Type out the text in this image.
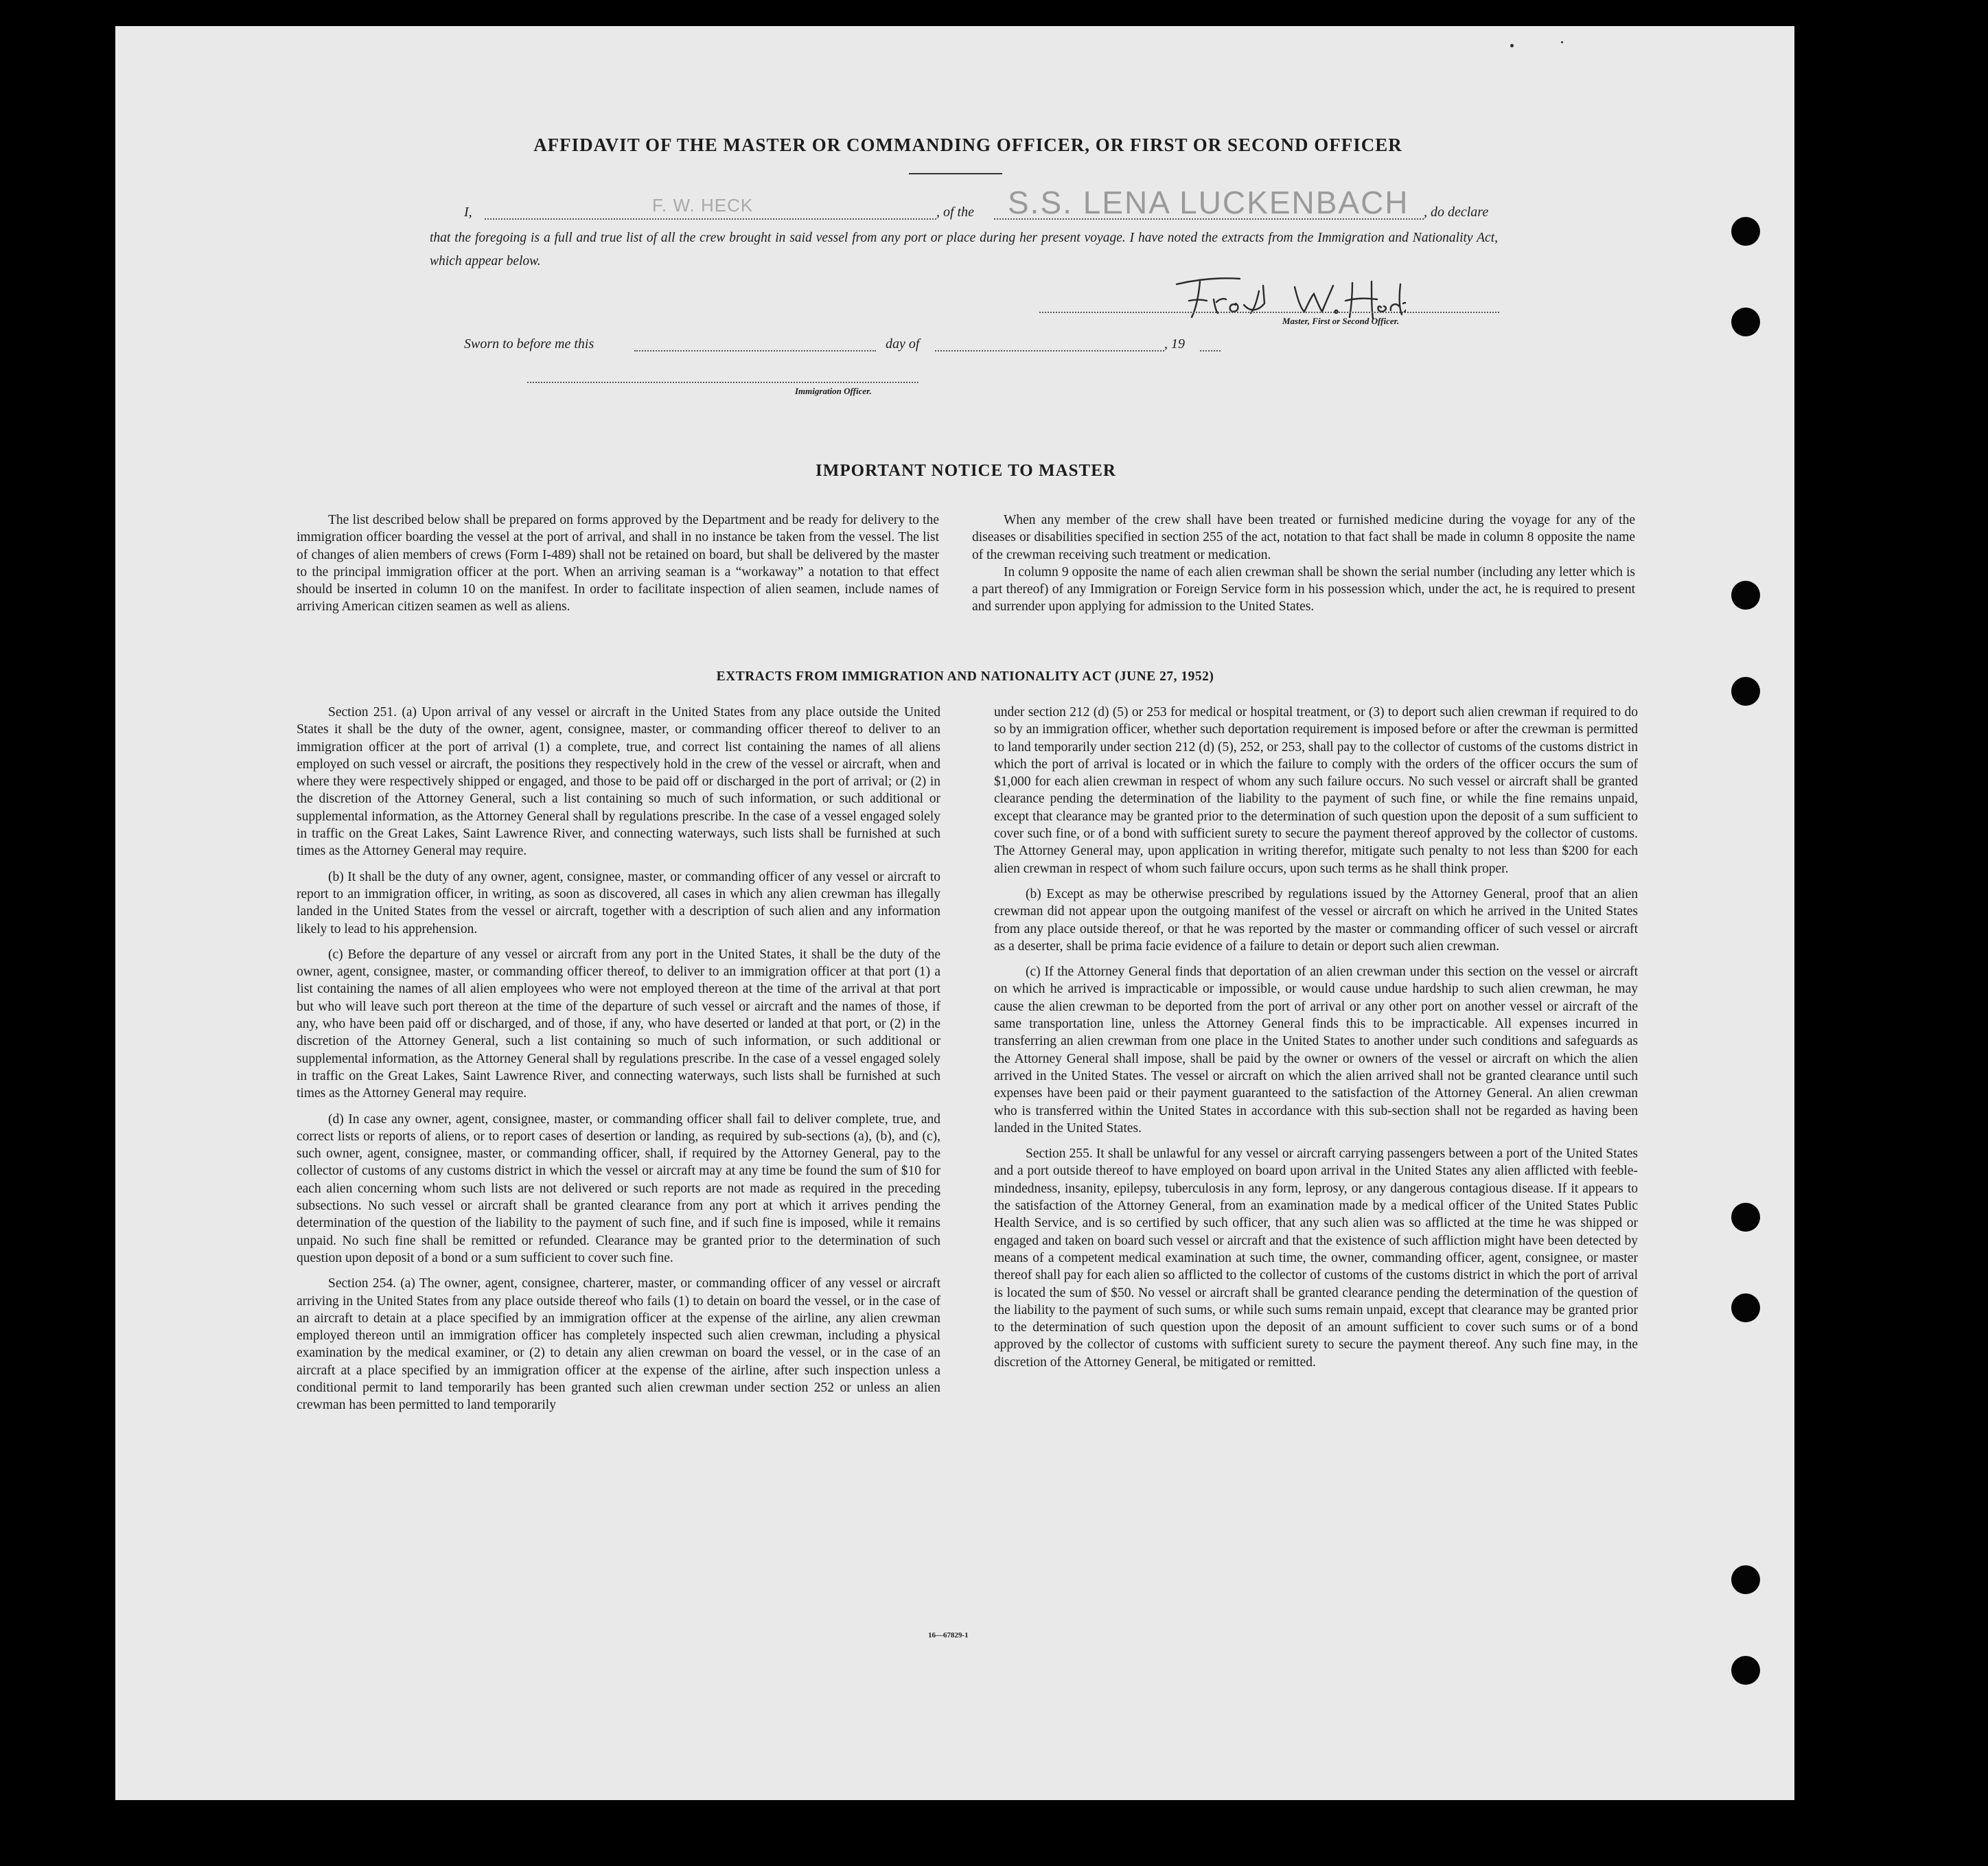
AFFIDAVIT OF THE MASTER OR COMMANDING OFFICER, OR FIRST OR SECOND OFFICER
I,	F. W. HECK	, of the S.S. LENA LUCKENBACH , do declare
that the foregoing is a full and true list of all the crew brought in said vessel from any port or place during her present voyage. I have noted the extracts from the Immigration and Nationality Act, which appear below.
Master, First or Second Officer.
Sworn to before me this	day of	, 19
Immigration Officer.
IMPORTANT NOTICE TO MASTER

The list described below shall be prepared on forms approved by the Department and be ready for delivery to the immigration officer boarding the vessel at the port of arrival, and shall in no instance be taken from the vessel. The list of changes of alien members of crews (Form I-489) shall not be retained on board, but shall be delivered by the master to the principal immigration officer at the port. When an arriving seaman is a “workaway” a notation to that effect should be inserted in column 10 on the manifest. In order to facilitate inspection of alien seamen, include names of arriving American citizen seamen as well as aliens.

When any member of the crew shall have been treated or furnished medicine during the voyage for any of the diseases or disabilities specified in section 255 of the act, notation to that fact shall be made in column 8 opposite the name of the crewman receiving such treatment or medication.

In column 9 opposite the name of each alien crewman shall be shown the serial number (including any letter which is a part thereof) of any Immigration or Foreign Service form in his possession which, under the act, he is required to present and surrender upon applying for admission to the United States.

EXTRACTS FROM IMMIGRATION AND NATIONALITY ACT (JUNE 27, 1952)

Section 251. (a) Upon arrival of any vessel or aircraft in the United States from any place outside the United States it shall be the duty of the owner, agent, consignee, master, or commanding officer thereof to deliver to an immigration officer at the port of arrival (1) a complete, true, and correct list containing the names of all aliens employed on such vessel or aircraft, the positions they respectively hold in the crew of the vessel or aircraft, when and where they were respectively shipped or engaged, and those to be paid off or discharged in the port of arrival; or (2) in the discretion of the Attorney General, such a list containing so much of such information, or such additional or supplemental information, as the Attorney General shall by regulations prescribe. In the case of a vessel engaged solely in traffic on the Great Lakes, Saint Lawrence River, and connecting waterways, such lists shall be furnished at such times as the Attorney General may require.

(b) It shall be the duty of any owner, agent, consignee, master, or commanding officer of any vessel or aircraft to report to an immigration officer, in writing, as soon as discovered, all cases in which any alien crewman has illegally landed in the United States from the vessel or aircraft, together with a description of such alien and any information likely to lead to his apprehension.

(c) Before the departure of any vessel or aircraft from any port in the United States, it shall be the duty of the owner, agent, consignee, master, or commanding officer thereof, to deliver to an immigration officer at that port (1) a list containing the names of all alien employees who were not employed thereon at the time of the arrival at that port but who will leave such port thereon at the time of the departure of such vessel or aircraft and the names of those, if any, who have been paid off or discharged, and of those, if any, who have deserted or landed at that port, or (2) in the discretion of the Attorney General, such a list containing so much of such information, or such additional or supplemental information, as the Attorney General shall by regulations prescribe. In the case of a vessel engaged solely in traffic on the Great Lakes, Saint Lawrence River, and connecting waterways, such lists shall be furnished at such times as the Attorney General may require.

(d) In case any owner, agent, consignee, master, or commanding officer shall fail to deliver complete, true, and correct lists or reports of aliens, or to report cases of desertion or landing, as required by sub-sections (a), (b), and (c), such owner, agent, consignee, master, or commanding officer, shall, if required by the Attorney General, pay to the collector of customs of any customs district in which the vessel or aircraft may at any time be found the sum of $10 for each alien concerning whom such lists are not delivered or such reports are not made as required in the preceding subsections. No such vessel or aircraft shall be granted clearance from any port at which it arrives pending the determination of the question of the liability to the payment of such fine, and if such fine is imposed, while it remains unpaid. No such fine shall be remitted or refunded. Clearance may be granted prior to the determination of such question upon deposit of a bond or a sum sufficient to cover such fine.

Section 254. (a) The owner, agent, consignee, charterer, master, or commanding officer of any vessel or aircraft arriving in the United States from any place outside thereof who fails (1) to detain on board the vessel, or in the case of an aircraft to detain at a place specified by an immigration officer at the expense of the airline, any alien crewman employed thereon until an immigration officer has completely inspected such alien crewman, including a physical examination by the medical examiner, or (2) to detain any alien crewman on board the vessel, or in the case of an aircraft at a place specified by an immigration officer at the expense of the airline, after such inspection unless a conditional permit to land temporarily has been granted such alien crewman under section 252 or unless an alien crewman has been permitted to land temporarily

under section 212 (d) (5) or 253 for medical or hospital treatment, or (3) to deport such alien crewman if required to do so by an immigration officer, whether such deportation requirement is imposed before or after the crewman is permitted to land temporarily under section 212 (d) (5), 252, or 253, shall pay to the collector of customs of the customs district in which the port of arrival is located or in which the failure to comply with the orders of the officer occurs the sum of $1,000 for each alien crewman in respect of whom any such failure occurs. No such vessel or aircraft shall be granted clearance pending the determination of the liability to the payment of such fine, or while the fine remains unpaid, except that clearance may be granted prior to the determination of such question upon the deposit of a sum sufficient to cover such fine, or of a bond with sufficient surety to secure the payment thereof approved by the collector of customs. The Attorney General may, upon application in writing therefor, mitigate such penalty to not less than $200 for each alien crewman in respect of whom such failure occurs, upon such terms as he shall think proper.

(b) Except as may be otherwise prescribed by regulations issued by the Attorney General, proof that an alien crewman did not appear upon the outgoing manifest of the vessel or aircraft on which he arrived in the United States from any place outside thereof, or that he was reported by the master or commanding officer of such vessel or aircraft as a deserter, shall be prima facie evidence of a failure to detain or deport such alien crewman.

(c) If the Attorney General finds that deportation of an alien crewman under this section on the vessel or aircraft on which he arrived is impracticable or impossible, or would cause undue hardship to such alien crewman, he may cause the alien crewman to be deported from the port of arrival or any other port on another vessel or aircraft of the same transportation line, unless the Attorney General finds this to be impracticable. All expenses incurred in transferring an alien crewman from one place in the United States to another under such conditions and safeguards as the Attorney General shall impose, shall be paid by the owner or owners of the vessel or aircraft on which the alien arrived in the United States. The vessel or aircraft on which the alien arrived shall not be granted clearance until such expenses have been paid or their payment guaranteed to the satisfaction of the Attorney General. An alien crewman who is transferred within the United States in accordance with this sub-section shall not be regarded as having been landed in the United States.

Section 255. It shall be unlawful for any vessel or aircraft carrying passengers between a port of the United States and a port outside thereof to have employed on board upon arrival in the United States any alien afflicted with feeble-mindedness, insanity, epilepsy, tuberculosis in any form, leprosy, or any dangerous contagious disease. If it appears to the satisfaction of the Attorney General, from an examination made by a medical officer of the United States Public Health Service, and is so certified by such officer, that any such alien was so afflicted at the time he was shipped or engaged and taken on board such vessel or aircraft and that the existence of such affliction might have been detected by means of a competent medical examination at such time, the owner, commanding officer, agent, consignee, or master thereof shall pay for each alien so afflicted to the collector of customs of the customs district in which the port of arrival is located the sum of $50. No vessel or aircraft shall be granted clearance pending the determination of the question of the liability to the payment of such sums, or while such sums remain unpaid, except that clearance may be granted prior to the determination of such question upon the deposit of an amount sufficient to cover such sums or of a bond approved by the collector of customs with sufficient surety to secure the payment thereof. Any such fine may, in the discretion of the Attorney General, be mitigated or remitted.

16—67829-1
